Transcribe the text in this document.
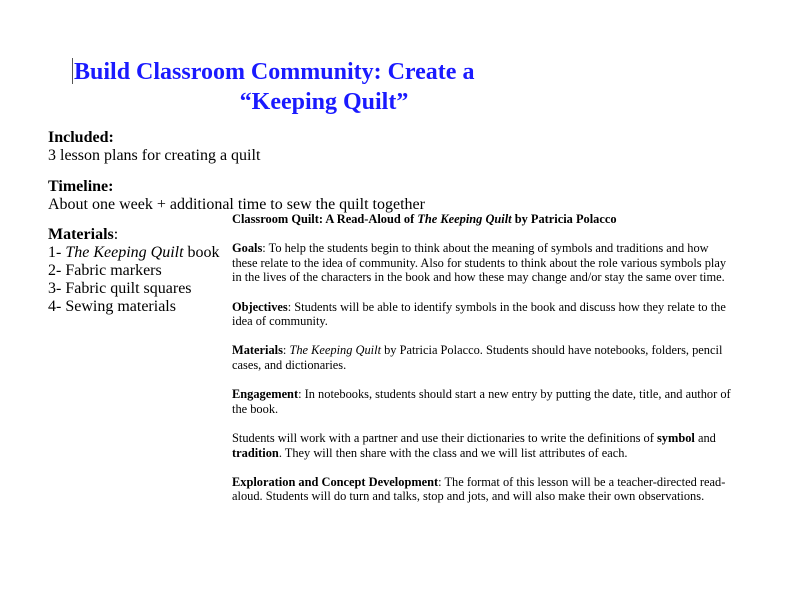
Build Classroom Community: Create a
“Keeping Quilt”
Included:
3 lesson plans for creating a quilt
Timeline:
About one week + additional time to sew the quilt together
Materials:
1- The Keeping Quilt book
2- Fabric markers
3- Fabric quilt squares
4- Sewing materials
Classroom Quilt: A Read-Aloud of The Keeping Quilt by Patricia Polacco

Goals: To help the students begin to think about the meaning of symbols and traditions and how these relate to the idea of community. Also for students to think about the role various symbols play in the lives of the characters in the book and how these may change and/or stay the same over time.

Objectives: Students will be able to identify symbols in the book and discuss how they relate to the idea of community.

Materials: The Keeping Quilt by Patricia Polacco. Students should have notebooks, folders, pencil cases, and dictionaries.

Engagement: In notebooks, students should start a new entry by putting the date, title, and author of the book.

Students will work with a partner and use their dictionaries to write the definitions of symbol and tradition. They will then share with the class and we will list attributes of each.

Exploration and Concept Development: The format of this lesson will be a teacher-directed read-aloud. Students will do turn and talks, stop and jots, and will also make their own observations.
